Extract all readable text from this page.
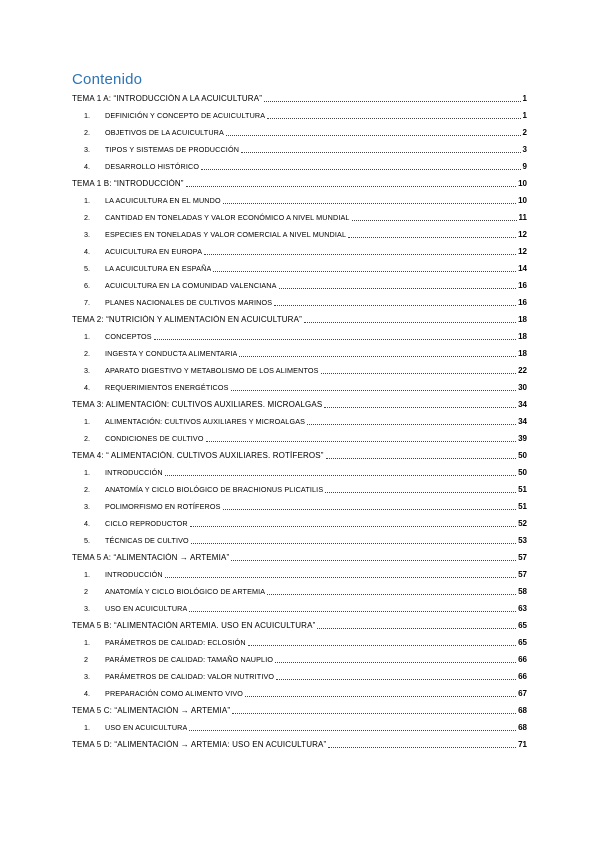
Contenido
TEMA 1 A: “INTRODUCCIÓN A LA ACUICULTURA”	1
1.	DEFINICIÓN Y CONCEPTO DE ACUICULTURA	1
2.	OBJETIVOS DE LA ACUICULTURA	2
3.	TIPOS Y SISTEMAS DE PRODUCCIÓN	3
4.	DESARROLLO HISTÓRICO	9
TEMA 1 B: “INTRODUCCIÓN”	10
1.	LA ACUICULTURA EN EL MUNDO	10
2.	CANTIDAD EN TONELADAS Y VALOR ECONÓMICO A NIVEL MUNDIAL	11
3.	ESPECIES EN TONELADAS Y VALOR COMERCIAL A NIVEL MUNDIAL	12
4.	ACUICULTURA EN EUROPA	12
5.	LA ACUICULTURA EN ESPAÑA	14
6.	ACUICULTURA EN LA COMUNIDAD VALENCIANA	16
7.	PLANES NACIONALES DE CULTIVOS MARINOS	16
TEMA 2: “NUTRICIÓN Y ALIMENTACIÓN EN ACUICULTURA”	18
1.	CONCEPTOS	18
2.	INGESTA Y CONDUCTA ALIMENTARIA	18
3.	APARATO DIGESTIVO Y METABOLISMO DE LOS ALIMENTOS	22
4.	REQUERIMIENTOS ENERGÉTICOS	30
TEMA 3: ALIMENTACIÓN: CULTIVOS AUXILIARES. MICROALGAS	34
1.	ALIMENTACIÓN: CULTIVOS AUXILIARES Y MICROALGAS	34
2.	CONDICIONES DE CULTIVO	39
TEMA 4: “ ALIMENTACIÓN. CULTIVOS AUXILIARES. ROTÍFEROS”	50
1.	INTRODUCCIÓN	50
2.	ANATOMÍA Y CICLO BIOLÓGICO DE BRACHIONUS PLICATILIS	51
3.	POLIMORFISMO EN ROTÍFEROS	51
4.	CICLO REPRODUCTOR	52
5.	TÉCNICAS DE CULTIVO	53
TEMA 5 A: “ALIMENTACIÓN → ARTEMIA”	57
1.	INTRODUCCIÓN	57
2	ANATOMÍA Y CICLO BIOLÓGICO DE ARTEMIA	58
3.	USO EN ACUICULTURA	63
TEMA 5 B: “ALIMENTACIÓN ARTEMIA. USO EN ACUICULTURA”	65
1.	PARÁMETROS DE CALIDAD: ECLOSIÓN	65
2	PARÁMETROS DE CALIDAD: TAMAÑO NAUPLIO	66
3.	PARÁMETROS DE CALIDAD: VALOR NUTRITIVO	66
4.	PREPARACIÓN COMO ALIMENTO VIVO	67
TEMA 5 C: “ALIMENTACIÓN → ARTEMIA”	68
1.	USO EN ACUICULTURA	68
TEMA 5 D: “ALIMENTACIÓN → ARTEMIA: USO EN ACUICULTURA”	71
